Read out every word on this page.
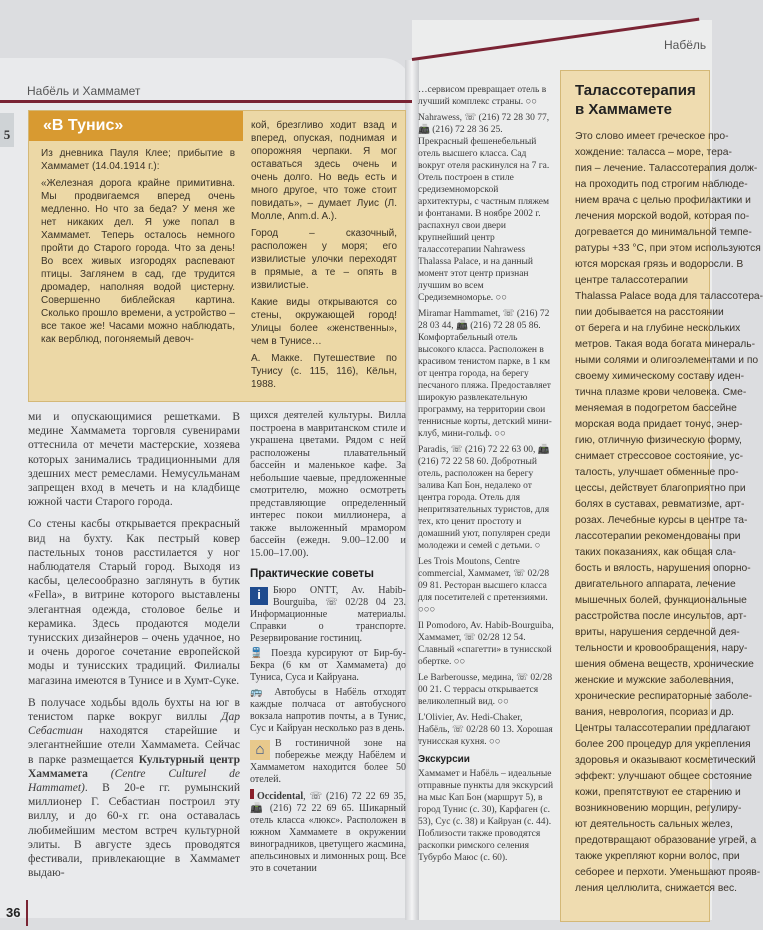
Набёль и Хаммамет
5
«В Тунис»

Из дневника Пауля Клее; прибытие в Хаммамет (14.04.1914 г.):

«Железная дорога крайне примитивна. Мы продвигаемся вперед очень медленно. Но что за беда? У меня же нет никаких дел. Я уже попал в Хаммамет. Теперь осталось немного пройти до Старого города. Что за день! Во всех живых изгородях распевают птицы. Заглянем в сад, где трудится дромадер, наполняя водой цистерну. Совершенно библейская картина. Сколько прошло времени, а устройство – все такое же! Часами можно наблюдать, как верблюд, погоняемый девоч-

кой, брезгливо ходит взад и вперед, опуская, поднимая и опорожняя черпаки. Я мог оставаться здесь очень и очень долго. Но ведь есть и много другое, что тоже стоит повидать», – думает Луис (Л. Молле, Anm.d. A.).

Город – сказочный, расположен у моря; его извилистые улочки переходят в прямые, а те – опять в извилистые.

Какие виды открываются со стены, окружающей город! Улицы более «женственны», чем в Тунисе…

А. Макке. Путешествие по Тунису (с. 115, 116), Кёльн, 1988.

ми и опускающимися решетками. В медине Хаммамета торговля сувенирами оттеснила от мечети мастерские, хозяева которых занимались традиционными для здешних мест ремеслами. Немусульманам запрещен вход в мечеть и на кладбище южной части Старого города.

Со стены касбы открывается прекрасный вид на бухту. Как пестрый ковер пастельных тонов расстилается у ног наблюдателя Старый город. Выходя из касбы, целесообразно заглянуть в бутик «Fella», в витрине которого выставлены элегантная одежда, столовое белье и керамика. Здесь продаются модели тунисских дизайнеров – очень удачное, но и очень дорогое сочетание европейской моды и тунисских традиций. Филиалы магазина имеются в Тунисе и в Хумт-Суке.

В получасе ходьбы вдоль бухты на юг в тенистом парке вокруг виллы Дар Себастиан находятся старейшие и элегантнейшие отели Хаммамета. Сейчас в парке размещается Культурный центр Хаммамета (Centre Culturel de Hammamet). В 20-е гг. румынский миллионер Г. Себастиан построил эту виллу, и до 60-х гг. она оставалась любимейшим местом встреч культурной элиты. В августе здесь проводятся фестивали, привлекающие в Хаммамет выдаю-

щихся деятелей культуры. Вилла построена в мавританском стиле и украшена цветами. Рядом с ней расположены плавательный бассейн и маленькое кафе. За небольшие чаевые, предложенные смотрителю, можно осмотреть представляющие определенный интерес покои миллионера, а также выложенный мрамором бассейн (ежедн. 9.00–12.00 и 15.00–17.00).

Практические советы

i	Бюро ONTT, Av. Habib-Bourguiba, ☏ 02/28 04 23. Информационные материалы. Справки о транспорте. Резервирование гостиниц.

🚆 Поезда курсируют от Бир-бу-Бекра (6 км от Хаммамета) до Туниса, Суса и Кайруана.

🚌 Автобусы в Набёль отходят каждые полчаса от автобусного вокзала напротив почты, а в Тунис, Сус и Кайруан несколько раз в день.

⌂	В гостиничной зоне на побережье между Набёлем и Хаммаметом находится более 50 отелей.

Occidental, ☏ (216) 72 22 69 35, 📠 (216) 72 22 69 65. Шикарный отель класса «люкс». Расположен в южном Хаммамете в окружении виноградников, цветущего жасмина, апельсиновых и лимонных рощ. Все это в сочетании

36
Набёль

…сервисом превращает отель в лучший комплекс страны. ○○

Nahrawess, ☏ (216) 72 28 30 77, 📠 (216) 72 28 36 25. Прекрасный фешенебельный отель высшего класса. Сад вокруг отеля раскинулся на 7 га. Отель построен в стиле средиземноморской архитектуры, с частным пляжем и фонтанами. В ноябре 2002 г. распахнул свои двери крупнейший центр талассотерапии Nahrawess Thalassa Palace, и на данный момент этот центр признан лучшим во всем Средиземноморье. ○○

Miramar Hammamet, ☏ (216) 72 28 03 44, 📠 (216) 72 28 05 86. Комфортабельный отель высокого класса. Расположен в красивом тенистом парке, в 1 км от центра города, на берегу песчаного пляжа. Предоставляет широкую развлекательную программу, на территории свои теннисные корты, детский мини-клуб, мини-гольф. ○○

Paradis, ☏ (216) 72 22 63 00, 📠 (216) 72 22 58 60. Добротный отель, расположен на берегу залива Кап Бон, недалеко от центра города. Отель для непритязательных туристов, для тех, кто ценит простоту и домашний уют, популярен среди молодежи и семей с детьми. ○

Les Trois Moutons, Centre commercial, Хаммамет, ☏ 02/28 09 81. Ресторан высшего класса для посетителей с претензиями. ○○○

Il Pomodoro, Av. Habib-Bourguiba, Хаммамет, ☏ 02/28 12 54. Славный «спагетти» в тунисской обертке. ○○

Le Barberousse, медина, ☏ 02/28 00 21. С террасы открывается великолепный вид. ○○

L'Olivier, Av. Hedi-Chaker, Набёль, ☏ 02/28 60 13. Хорошая тунисская кухня. ○○

Экскурсии

Хаммамет и Набёль – идеальные отправные пункты для экскурсий на мыс Кап Бон (маршрут 5), в город Тунис (с. 30), Карфаген (с. 53), Сус (с. 38) и Кайруан (с. 44). Поблизости также проводятся раскопки римского селения Тубурбо Маюс (с. 60).

Талассотерапия в Хаммамете
Это слово имеет греческое про-
хождение: таласса – море, тера-
пия – лечение. Талассотерапия долж-
на проходить под строгим наблюде-
нием врача с целью профилактики и
лечения морской водой, которая по-
догревается до минимальной темпе-
ратуры +33 °С, при этом используются
ются морская грязь и водоросли. В
центре талассотерапии
Thalassa Palace вода для талассотера-
пии добывается на расстоянии
от берега и на глубине нескольких
метров. Такая вода богата минераль-
ными солями и олигоэлементами и по
своему химическому составу иден-
тична плазме крови человека. Сме-
меняемая в подогретом бассейне
морская вода придает тонус, энер-
гию, отличную физическую форму,
снимает стрессовое состояние, ус-
талость, улучшает обменные про-
цессы, действует благоприятно при
болях в суставах, ревматизме, арт-
розах. Лечебные курсы в центре та-
лассотерапии рекомендованы при
таких показаниях, как общая сла-
бость и вялость, нарушения опорно-
двигательного аппарата, лечение
мышечных болей, функциональные
расстройства после инсультов, арт-
вриты, нарушения сердечной дея-
тельности и кровообращения, нару-
шения обмена веществ, хронические
женские и мужские заболевания,
хронические респираторные заболе-
вания, неврология, псориаз и др.
Центры талассотерапии предлагают
более 200 процедур для укрепления
здоровья и оказывают косметический
эффект: улучшают общее состояние
кожи, препятствуют ее старению и
возникновению морщин, регулиру-
ют деятельность сальных желез,
предотвращают образование угрей, а
также укрепляют корни волос, при
себорее и перхоти. Уменьшают прояв-
ления целлюлита, снижается вес.
